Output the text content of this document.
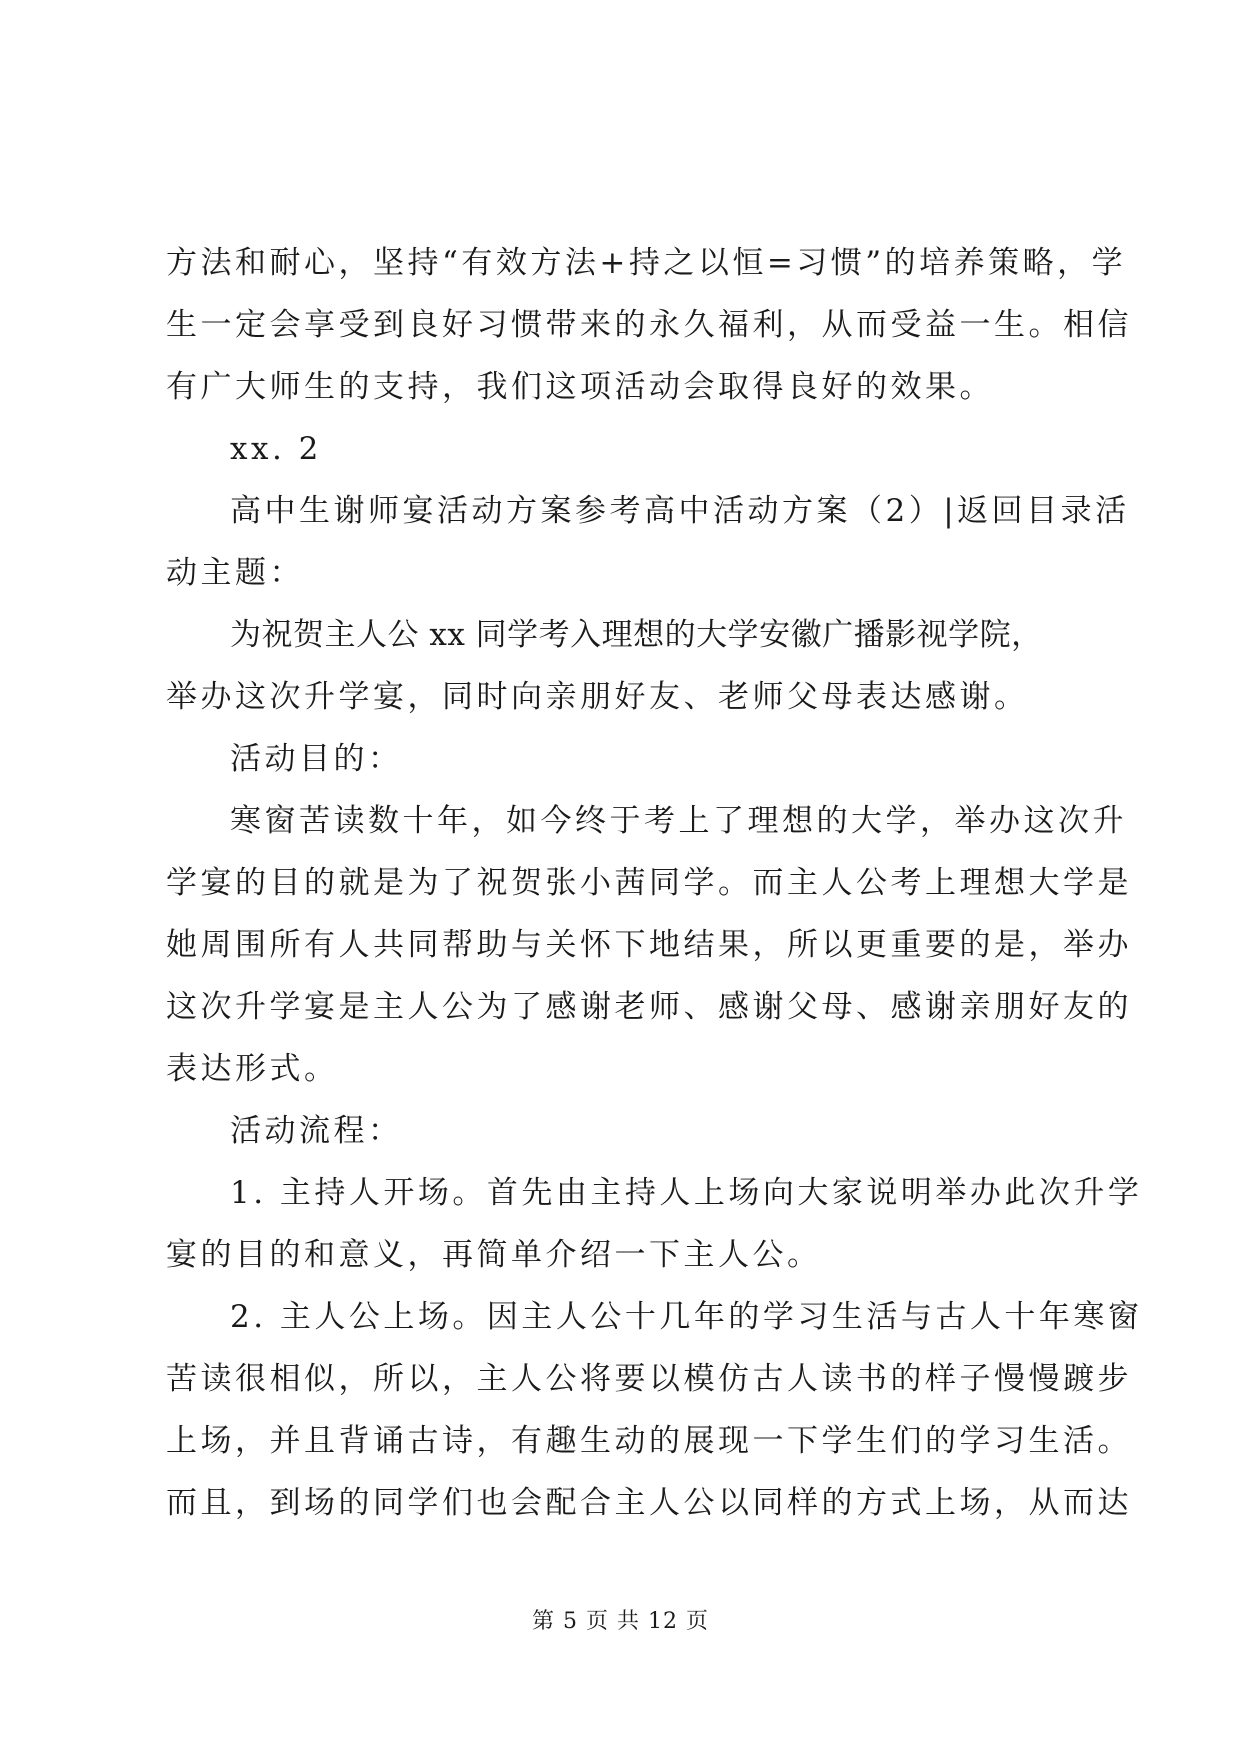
方法和耐心，坚持“有效方法+持之以恒=习惯”的培养策略，学
生一定会享受到良好习惯带来的永久福利，从而受益一生。相信
有广大师生的支持，我们这项活动会取得良好的效果。
xx. 2
高中生谢师宴活动方案参考高中活动方案（2）|返回目录活
动主题：
为祝贺主人公 xx 同学考入理想的大学安徽广播影视学院，
举办这次升学宴，同时向亲朋好友、老师父母表达感谢。
活动目的：
寒窗苦读数十年，如今终于考上了理想的大学，举办这次升
学宴的目的就是为了祝贺张小茜同学。而主人公考上理想大学是
她周围所有人共同帮助与关怀下地结果，所以更重要的是，举办
这次升学宴是主人公为了感谢老师、感谢父母、感谢亲朋好友的
表达形式。
活动流程：
1. 主持人开场。首先由主持人上场向大家说明举办此次升学
宴的目的和意义，再简单介绍一下主人公。
2. 主人公上场。因主人公十几年的学习生活与古人十年寒窗
苦读很相似，所以，主人公将要以模仿古人读书的样子慢慢踱步
上场，并且背诵古诗，有趣生动的展现一下学生们的学习生活。
而且，到场的同学们也会配合主人公以同样的方式上场，从而达
第 5 页 共 12 页
